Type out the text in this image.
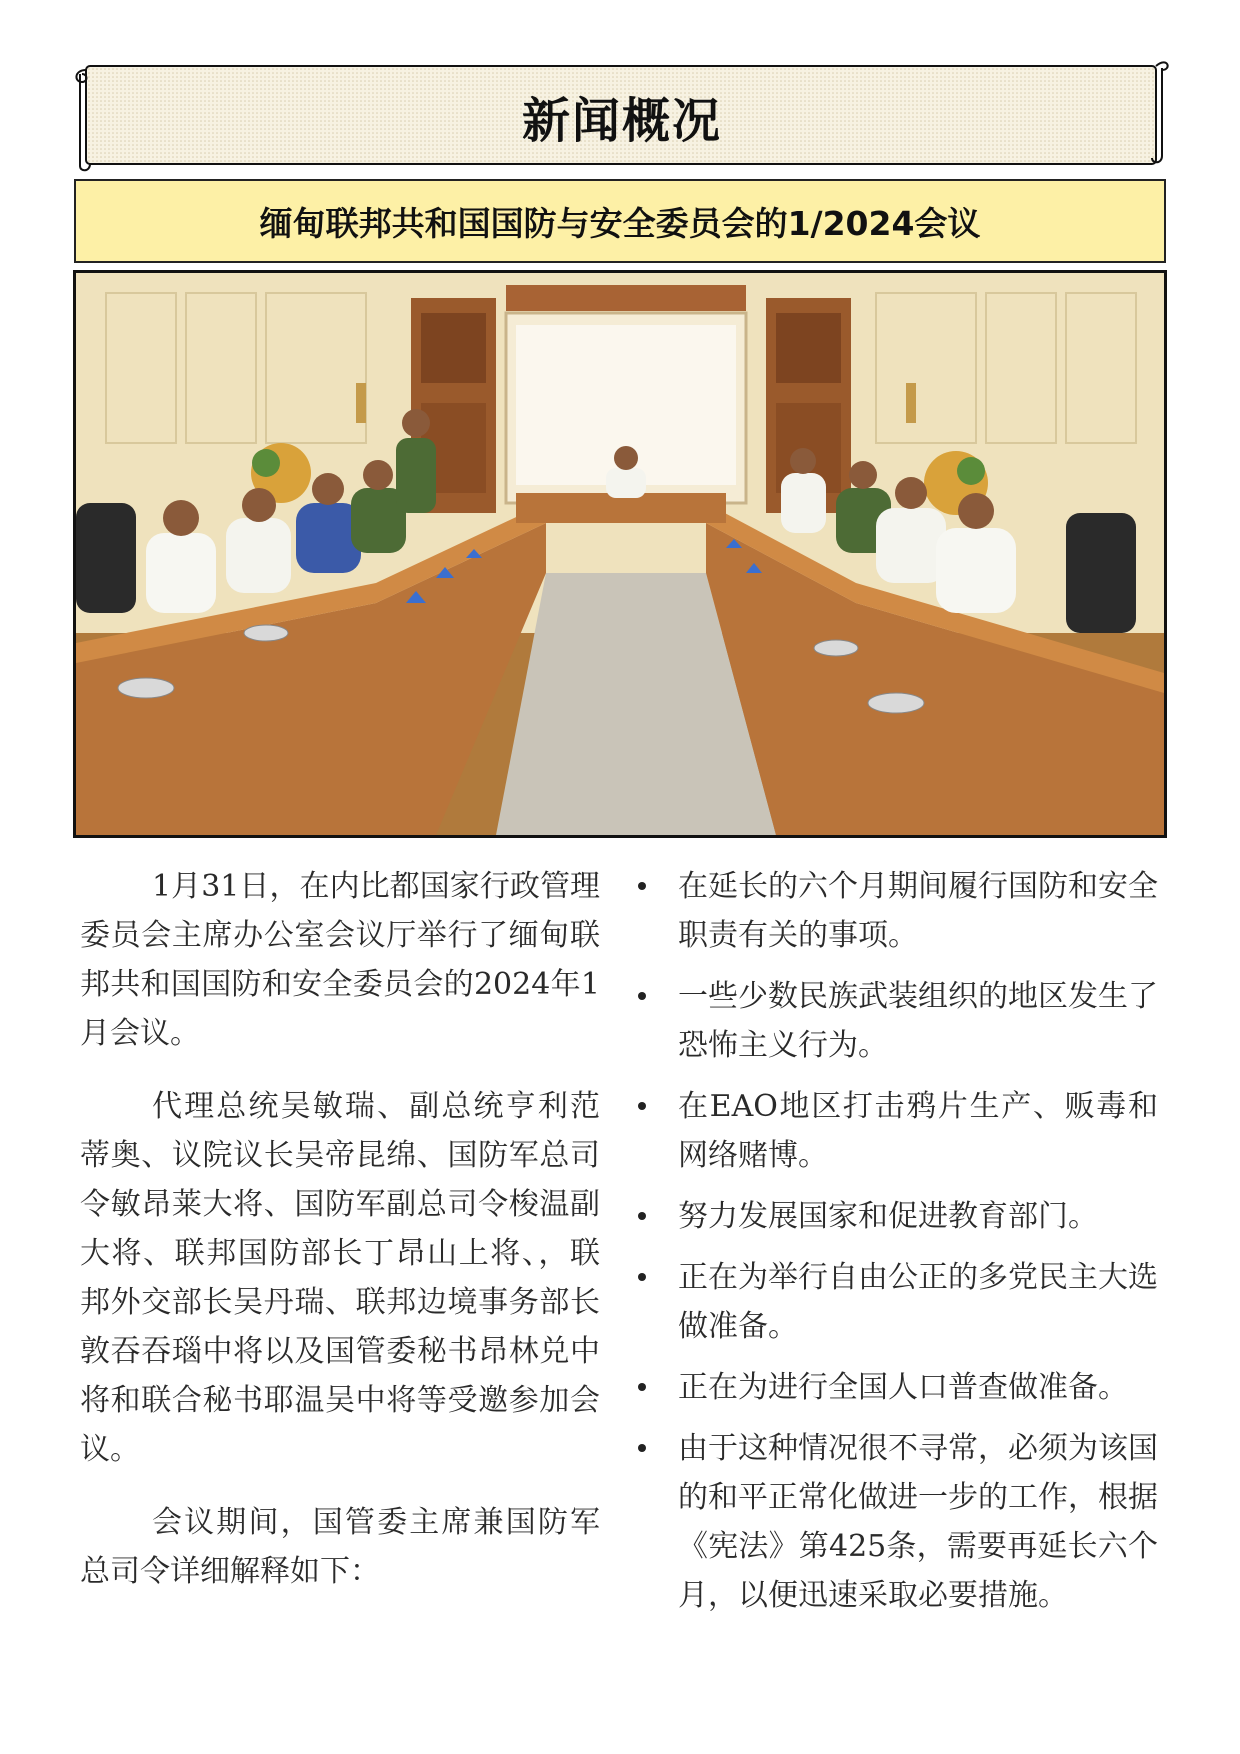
新闻概况
缅甸联邦共和国国防与安全委员会的1/2024会议

1月31日，在内比都国家行政管理委员会主席办公室会议厅举行了缅甸联邦共和国国防和安全委员会的2024年1月会议。

代理总统吴敏瑞、副总统亨利范蒂奥、议院议长吴帝昆绵、国防军总司令敏昂莱大将、国防军副总司令梭温副大将、联邦国防部长丁昂山上将、，联邦外交部长吴丹瑞、联邦边境事务部长敦吞吞瑙中将以及国管委秘书昂林兑中将和联合秘书耶温吴中将等受邀参加会议。

会议期间，国管委主席兼国防军总司令详细解释如下：

在延长的六个月期间履行国防和安全职责有关的事项。
一些少数民族武装组织的地区发生了恐怖主义行为。
在EAO地区打击鸦片生产、贩毒和网络赌博。
努力发展国家和促进教育部门。
正在为举行自由公正的多党民主大选做准备。
正在为进行全国人口普查做准备。
由于这种情况很不寻常，必须为该国的和平正常化做进一步的工作，根据《宪法》第425条，需要再延长六个月，以便迅速采取必要措施。
